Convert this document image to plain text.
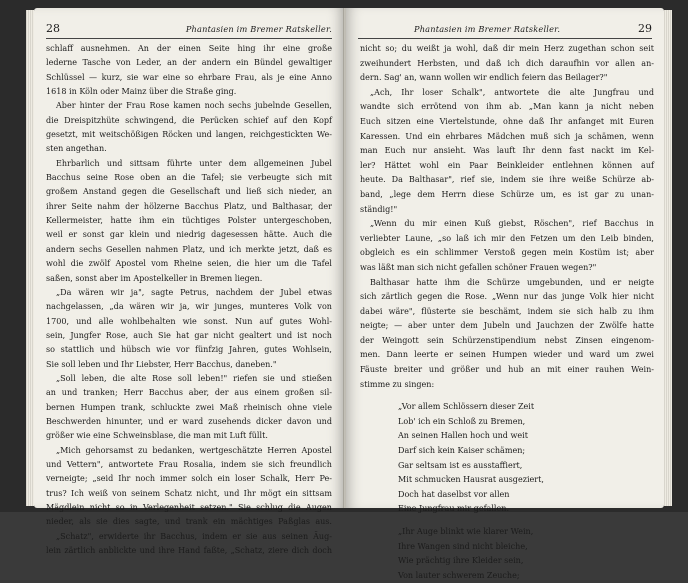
28	Phantasien im Bremer Ratskeller.
schlaff ausnehmen. An der einen Seite hing ihr eine große
lederne Tasche von Leder, an der andern ein Bündel gewaltiger
Schlüssel — kurz, sie war eine so ehrbare Frau, als je eine Anno
1618 in Köln oder Mainz über die Straße ging.
Aber hinter der Frau Rose kamen noch sechs jubelnde Gesellen,
die Dreispitzhüte schwingend, die Perücken schief auf den Kopf
gesetzt, mit weitschößigen Röcken und langen, reichgestickten We-
sten angethan.
Ehrbarlich und sittsam führte unter dem allgemeinen Jubel
Bacchus seine Rose oben an die Tafel; sie verbeugte sich mit
großem Anstand gegen die Gesellschaft und ließ sich nieder, an
ihrer Seite nahm der hölzerne Bacchus Platz, und Balthasar, der
Kellermeister, hatte ihm ein tüchtiges Polster untergeschoben,
weil er sonst gar klein und niedrig dagesessen hätte. Auch die
andern sechs Gesellen nahmen Platz, und ich merkte jetzt, daß es
wohl die zwölf Apostel vom Rheine seien, die hier um die Tafel
saßen, sonst aber im Apostelkeller in Bremen liegen.
„Da wären wir ja", sagte Petrus, nachdem der Jubel etwas
nachgelassen, „da wären wir ja, wir junges, munteres Volk von
1700, und alle wohlbehalten wie sonst. Nun auf gutes Wohl-
sein, Jungfer Rose, auch Sie hat gar nicht gealtert und ist noch
so stattlich und hübsch wie vor fünfzig Jahren, gutes Wohlsein,
Sie soll leben und Ihr Liebster, Herr Bacchus, daneben."
„Soll leben, die alte Rose soll leben!" riefen sie und stießen
an und tranken; Herr Bacchus aber, der aus einem großen sil-
bernen Humpen trank, schluckte zwei Maß rheinisch ohne viele
Beschwerden hinunter, und er ward zusehends dicker davon und
größer wie eine Schweinsblase, die man mit Luft füllt.
„Mich gehorsamst zu bedanken, wertgeschätzte Herren Apostel
und Vettern", antwortete Frau Rosalia, indem sie sich freundlich
verneigte; „seid Ihr noch immer solch ein loser Schalk, Herr Pe-
trus? Ich weiß von seinem Schatz nicht, und Ihr mögt ein sittsam
Mägdlein nicht so in Verlegenheit setzen." Sie schlug die Augen
nieder, als sie dies sagte, und trank ein mächtiges Paßglas aus.
„Schatz", erwiderte ihr Bacchus, indem er sie aus seinen Äug-
lein zärtlich anblickte und ihre Hand faßte, „Schatz, ziere dich doch
Phantasien im Bremer Ratskeller.	29
nicht so; du weißt ja wohl, daß dir mein Herz zugethan schon seit
zweihundert Herbsten, und daß ich dich daraufhin vor allen an-
dern. Sag' an, wann wollen wir endlich feiern das Beilager?"
„Ach, Ihr loser Schalk", antwortete die alte Jungfrau und
wandte sich errötend von ihm ab. „Man kann ja nicht neben
Euch sitzen eine Viertelstunde, ohne daß Ihr anfanget mit Euren
Karessen. Und ein ehrbares Mädchen muß sich ja schämen, wenn
man Euch nur ansieht. Was lauft Ihr denn fast nackt im Kel-
ler? Hättet wohl ein Paar Beinkleider entlehnen können auf
heute. Da Balthasar", rief sie, indem sie ihre weiße Schürze ab-
band, „lege dem Herrn diese Schürze um, es ist gar zu unan-
ständig!"
„Wenn du mir einen Kuß giebst, Röschen", rief Bacchus in
verliebter Laune, „so laß ich mir den Fetzen um den Leib binden,
obgleich es ein schlimmer Verstoß gegen mein Kostüm ist; aber
was läßt man sich nicht gefallen schöner Frauen wegen?"
Balthasar hatte ihm die Schürze umgebunden, und er neigte
sich zärtlich gegen die Rose. „Wenn nur das junge Volk hier nicht
dabei wäre", flüsterte sie beschämt, indem sie sich halb zu ihm
neigte; — aber unter dem Jubeln und Jauchzen der Zwölfe hatte
der Weingott sein Schürzenstipendium nebst Zinsen eingenom-
men. Dann leerte er seinen Humpen wieder und ward um zwei
Fäuste breiter und größer und hub an mit einer rauhen Wein-
stimme zu singen:
„Vor allem Schlössern dieser Zeit
Lob' ich ein Schloß zu Bremen,
An seinen Hallen hoch und weit
Darf sich kein Kaiser schämen;
Gar seltsam ist es ausstaffiert,
Mit schmucken Hausrat ausgeziert,
Doch hat daselbst vor allen
Eine Jungfrau mir gefallen.
„Ihr Auge blinkt wie klarer Wein,
Ihre Wangen sind nicht bleiche,
Wie prächtig ihre Kleider sein,
Von lauter schwerem Zeuche;
